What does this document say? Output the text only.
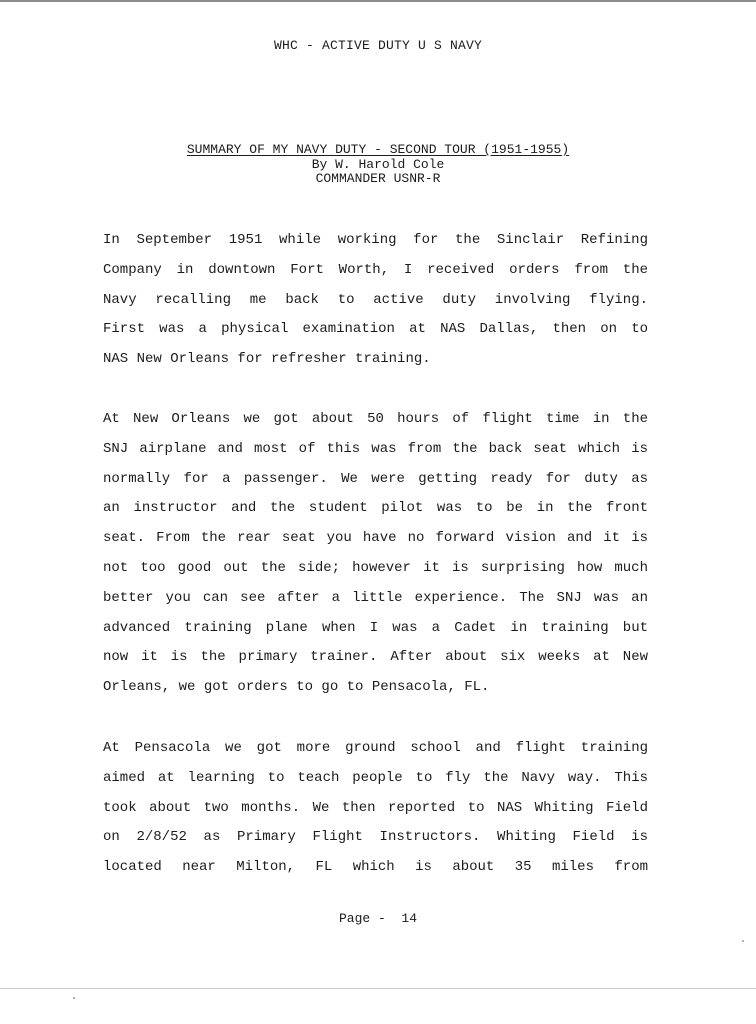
WHC - ACTIVE DUTY U S NAVY
SUMMARY OF MY NAVY DUTY - SECOND TOUR (1951-1955)
By W. Harold Cole
COMMANDER USNR-R
In September 1951 while working for the Sinclair Refining
Company in downtown Fort Worth, I received orders from the
Navy recalling me back to active duty involving flying.
First was a physical examination at NAS Dallas, then on to
NAS New Orleans for refresher training.
At New Orleans we got about 50 hours of flight time in the
SNJ airplane and most of this was from the back seat which is
normally for a passenger. We were getting ready for duty as
an instructor and the student pilot was to be in the front
seat. From the rear seat you have no forward vision and it is
not too good out the side; however it is surprising how much
better you can see after a little experience. The SNJ was an
advanced training plane when I was a Cadet in training but
now it is the primary trainer. After about six weeks at New
Orleans, we got orders to go to Pensacola, FL.
At Pensacola we got more ground school and flight training
aimed at learning to teach people to fly the Navy way. This
took about two months. We then reported to NAS Whiting Field
on 2/8/52 as Primary Flight Instructors. Whiting Field is
located near Milton, FL which is about 35 miles from
Page -  14
